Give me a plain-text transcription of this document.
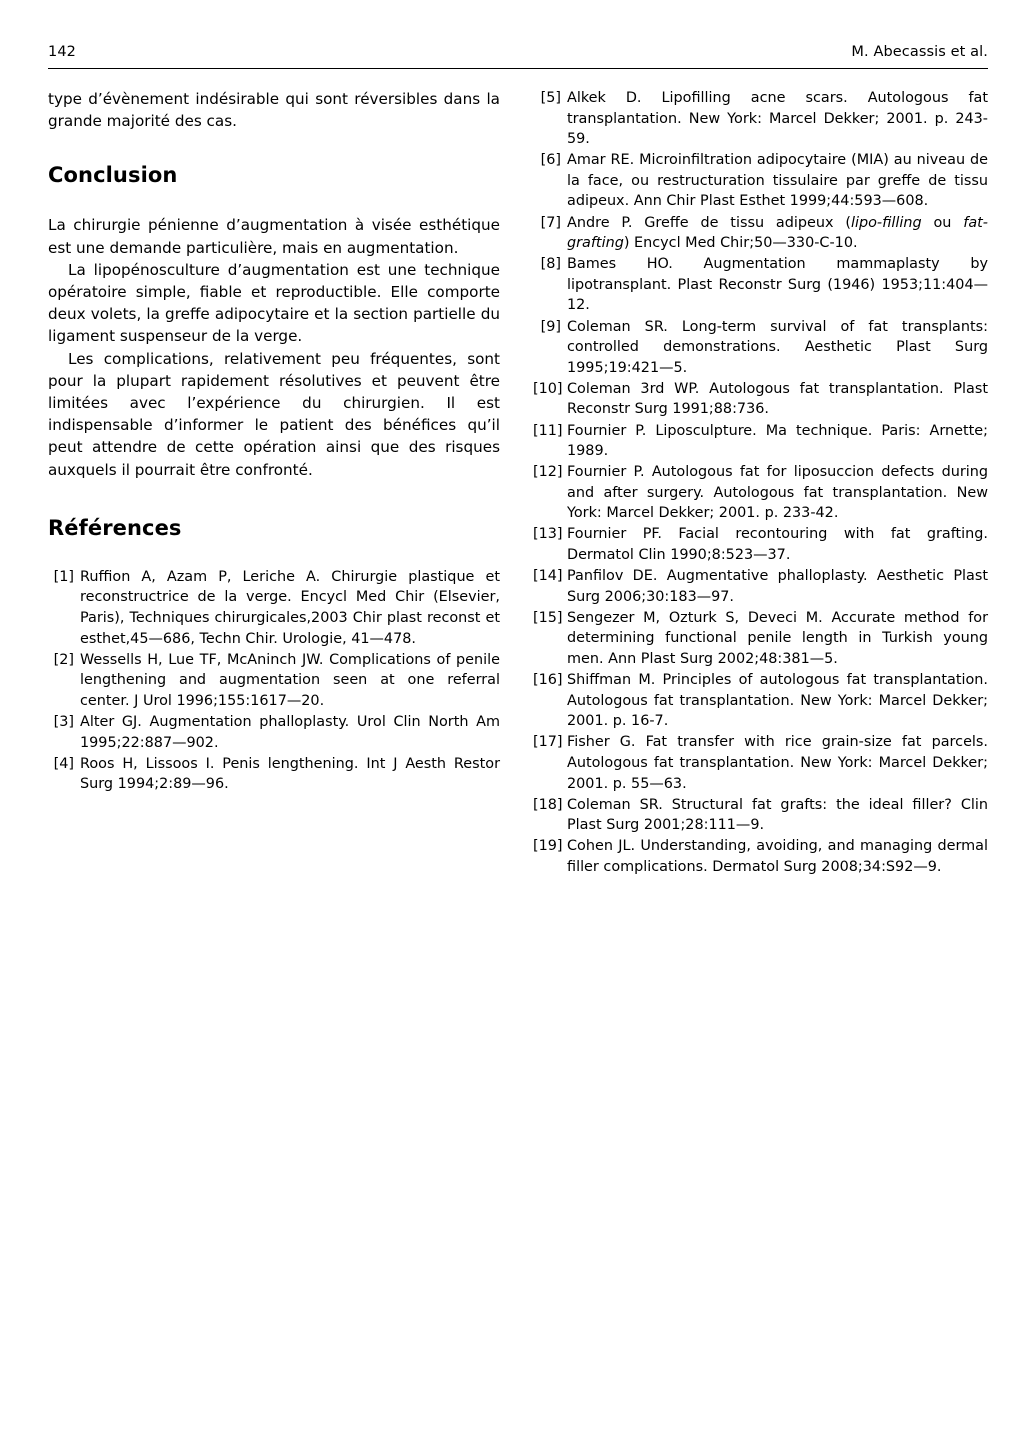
142	M. Abecassis et al.

type d’évènement indésirable qui sont réversibles dans la grande majorité des cas.

Conclusion

La chirurgie pénienne d’augmentation à visée esthétique est une demande particulière, mais en augmentation.

La lipopénosculture d’augmentation est une technique opératoire simple, fiable et reproductible. Elle comporte deux volets, la greffe adipocytaire et la section partielle du ligament suspenseur de la verge.

Les complications, relativement peu fréquentes, sont pour la plupart rapidement résolutives et peuvent être limitées avec l’expérience du chirurgien. Il est indispensable d’informer le patient des bénéfices qu’il peut attendre de cette opération ainsi que des risques auxquels il pourrait être confronté.

Références
[1] Ruffion A, Azam P, Leriche A. Chirurgie plastique et reconstructrice de la verge. Encycl Med Chir (Elsevier, Paris), Techniques chirurgicales,2003 Chir plast reconst et esthet,45—686, Techn Chir. Urologie, 41—478.
[2] Wessells H, Lue TF, McAninch JW. Complications of penile lengthening and augmentation seen at one referral center. J Urol 1996;155:1617—20.
[3] Alter GJ. Augmentation phalloplasty. Urol Clin North Am 1995;22:887—902.
[4] Roos H, Lissoos I. Penis lengthening. Int J Aesth Restor Surg 1994;2:89—96.
[5] Alkek D. Lipofilling acne scars. Autologous fat transplantation. New York: Marcel Dekker; 2001. p. 243-59.
[6] Amar RE. Microinfiltration adipocytaire (MIA) au niveau de la face, ou restructuration tissulaire par greffe de tissu adipeux. Ann Chir Plast Esthet 1999;44:593—608.
[7] Andre P. Greffe de tissu adipeux (lipo-filling ou fat-grafting) Encycl Med Chir;50—330-C-10.
[8] Bames HO. Augmentation mammaplasty by lipotransplant. Plast Reconstr Surg (1946) 1953;11:404—12.
[9] Coleman SR. Long-term survival of fat transplants: controlled demonstrations. Aesthetic Plast Surg 1995;19:421—5.
[10] Coleman 3rd WP. Autologous fat transplantation. Plast Reconstr Surg 1991;88:736.
[11] Fournier P. Liposculpture. Ma technique. Paris: Arnette; 1989.
[12] Fournier P. Autologous fat for liposuccion defects during and after surgery. Autologous fat transplantation. New York: Marcel Dekker; 2001. p. 233-42.
[13] Fournier PF. Facial recontouring with fat grafting. Dermatol Clin 1990;8:523—37.
[14] Panfilov DE. Augmentative phalloplasty. Aesthetic Plast Surg 2006;30:183—97.
[15] Sengezer M, Ozturk S, Deveci M. Accurate method for determining functional penile length in Turkish young men. Ann Plast Surg 2002;48:381—5.
[16] Shiffman M. Principles of autologous fat transplantation. Autologous fat transplantation. New York: Marcel Dekker; 2001. p. 16-7.
[17] Fisher G. Fat transfer with rice grain-size fat parcels. Autologous fat transplantation. New York: Marcel Dekker; 2001. p. 55—63.
[18] Coleman SR. Structural fat grafts: the ideal filler? Clin Plast Surg 2001;28:111—9.
[19] Cohen JL. Understanding, avoiding, and managing dermal filler complications. Dermatol Surg 2008;34:S92—9.
